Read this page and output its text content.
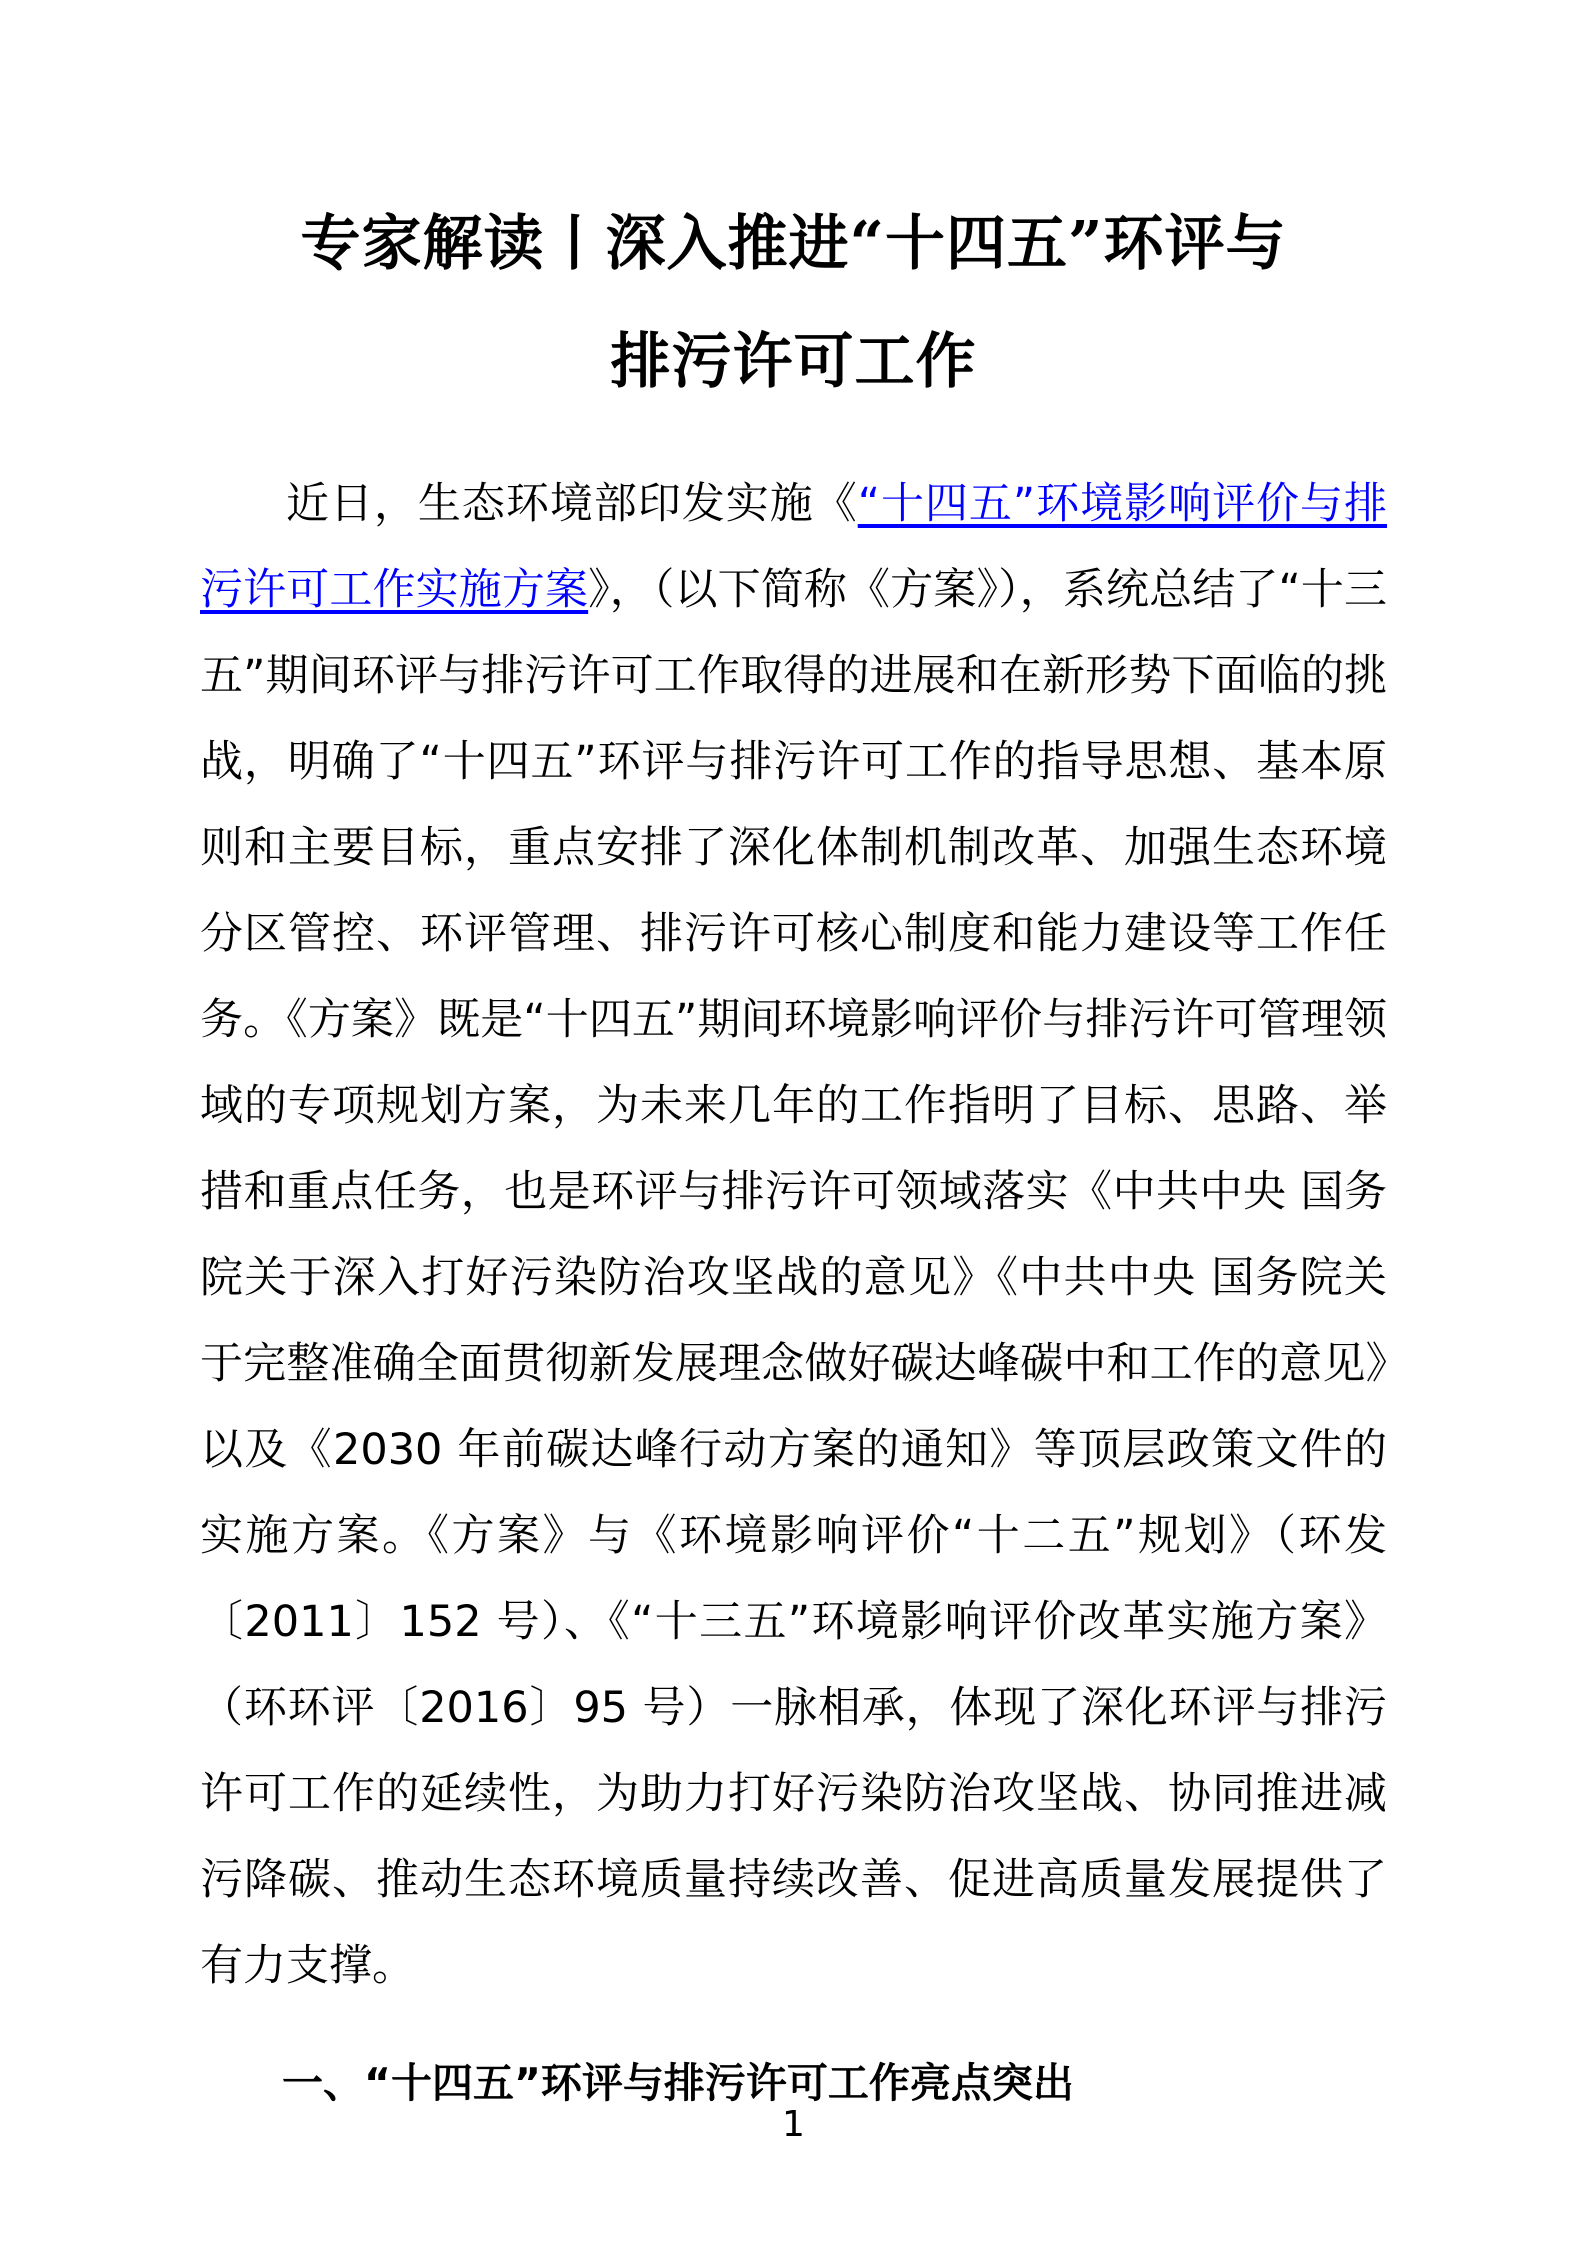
专家解读丨深入推进“十四五”环评与
排污许可工作

近日，生态环境部印发实施《“十四五”环境影响评价与排污许可工作实施方案》，（以下简称《方案》），系统总结了“十三五”期间环评与排污许可工作取得的进展和在新形势下面临的挑战，明确了“十四五”环评与排污许可工作的指导思想、基本原则和主要目标，重点安排了深化体制机制改革、加强生态环境分区管控、环评管理、排污许可核心制度和能力建设等工作任务。《方案》既是“十四五”期间环境影响评价与排污许可管理领域的专项规划方案，为未来几年的工作指明了目标、思路、举措和重点任务，也是环评与排污许可领域落实《中共中央 国务院关于深入打好污染防治攻坚战的意见》《中共中央 国务院关于完整准确全面贯彻新发展理念做好碳达峰碳中和工作的意见》以及《2030 年前碳达峰行动方案的通知》等顶层政策文件的实施方案。《方案》与《环境影响评价“十二五”规划》（环发〔2011〕152 号）、《“十三五”环境影响评价改革实施方案》（环环评〔2016〕95 号）一脉相承，体现了深化环评与排污许可工作的延续性，为助力打好污染防治攻坚战、协同推进减污降碳、推动生态环境质量持续改善、促进高质量发展提供了有力支撑。

一、“十四五”环评与排污许可工作亮点突出
1
